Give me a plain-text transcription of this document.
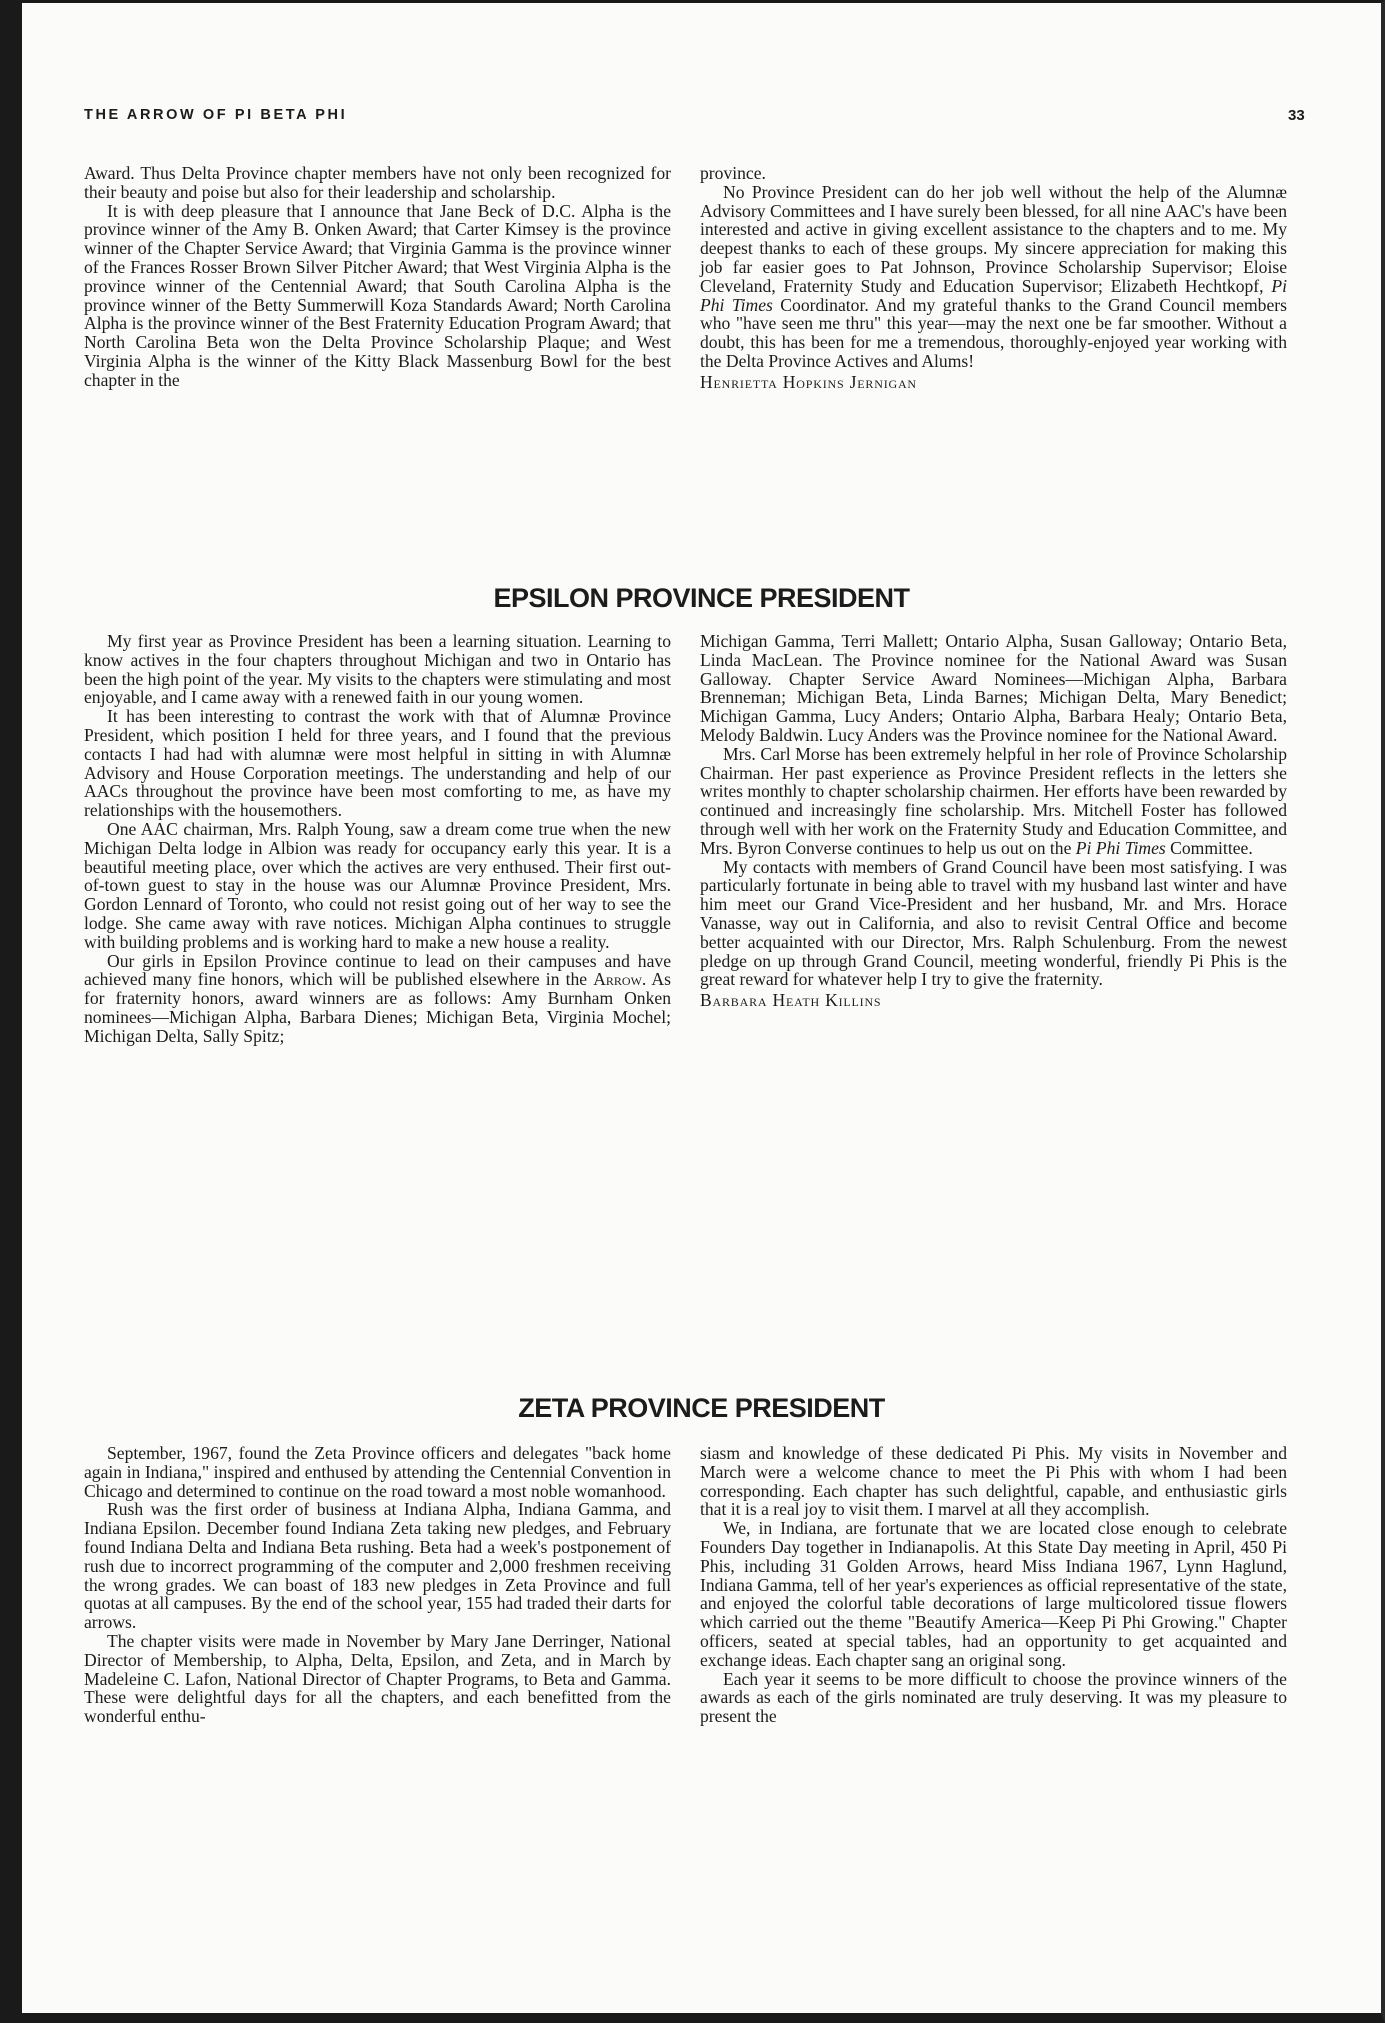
THE ARROW OF PI BETA PHI	33

Award. Thus Delta Province chapter members have not only been recognized for their beauty and poise but also for their leadership and scholarship.

It is with deep pleasure that I announce that Jane Beck of D.C. Alpha is the province winner of the Amy B. Onken Award; that Carter Kimsey is the province winner of the Chapter Service Award; that Virginia Gamma is the province winner of the Frances Rosser Brown Silver Pitcher Award; that West Virginia Alpha is the province winner of the Centennial Award; that South Carolina Alpha is the province winner of the Betty Summerwill Koza Standards Award; North Carolina Alpha is the province winner of the Best Fraternity Education Program Award; that North Carolina Beta won the Delta Province Scholarship Plaque; and West Virginia Alpha is the winner of the Kitty Black Massenburg Bowl for the best chapter in the

province.

No Province President can do her job well without the help of the Alumnæ Advisory Committees and I have surely been blessed, for all nine AAC's have been interested and active in giving excellent assistance to the chapters and to me. My deepest thanks to each of these groups. My sincere appreciation for making this job far easier goes to Pat Johnson, Province Scholarship Supervisor; Eloise Cleveland, Fraternity Study and Education Supervisor; Elizabeth Hechtkopf, Pi Phi Times Coordinator. And my grateful thanks to the Grand Council members who "have seen me thru" this year—may the next one be far smoother. Without a doubt, this has been for me a tremendous, thoroughly-enjoyed year working with the Delta Province Actives and Alums!

Henrietta Hopkins Jernigan

EPSILON PROVINCE PRESIDENT

My first year as Province President has been a learning situation. Learning to know actives in the four chapters throughout Michigan and two in Ontario has been the high point of the year. My visits to the chapters were stimulating and most enjoyable, and I came away with a renewed faith in our young women.

It has been interesting to contrast the work with that of Alumnæ Province President, which position I held for three years, and I found that the previous contacts I had had with alumnæ were most helpful in sitting in with Alumnæ Advisory and House Corporation meetings. The understanding and help of our AACs throughout the province have been most comforting to me, as have my relationships with the housemothers.

One AAC chairman, Mrs. Ralph Young, saw a dream come true when the new Michigan Delta lodge in Albion was ready for occupancy early this year. It is a beautiful meeting place, over which the actives are very enthused. Their first out-of-town guest to stay in the house was our Alumnæ Province President, Mrs. Gordon Lennard of Toronto, who could not resist going out of her way to see the lodge. She came away with rave notices. Michigan Alpha continues to struggle with building problems and is working hard to make a new house a reality.

Our girls in Epsilon Province continue to lead on their campuses and have achieved many fine honors, which will be published elsewhere in the Arrow. As for fraternity honors, award winners are as follows: Amy Burnham Onken nominees—Michigan Alpha, Barbara Dienes; Michigan Beta, Virginia Mochel; Michigan Delta, Sally Spitz;

Michigan Gamma, Terri Mallett; Ontario Alpha, Susan Galloway; Ontario Beta, Linda MacLean. The Province nominee for the National Award was Susan Galloway. Chapter Service Award Nominees—Michigan Alpha, Barbara Brenneman; Michigan Beta, Linda Barnes; Michigan Delta, Mary Benedict; Michigan Gamma, Lucy Anders; Ontario Alpha, Barbara Healy; Ontario Beta, Melody Baldwin. Lucy Anders was the Province nominee for the National Award.

Mrs. Carl Morse has been extremely helpful in her role of Province Scholarship Chairman. Her past experience as Province President reflects in the letters she writes monthly to chapter scholarship chairmen. Her efforts have been rewarded by continued and increasingly fine scholarship. Mrs. Mitchell Foster has followed through well with her work on the Fraternity Study and Education Committee, and Mrs. Byron Converse continues to help us out on the Pi Phi Times Committee.

My contacts with members of Grand Council have been most satisfying. I was particularly fortunate in being able to travel with my husband last winter and have him meet our Grand Vice-President and her husband, Mr. and Mrs. Horace Vanasse, way out in California, and also to revisit Central Office and become better acquainted with our Director, Mrs. Ralph Schulenburg. From the newest pledge on up through Grand Council, meeting wonderful, friendly Pi Phis is the great reward for whatever help I try to give the fraternity.

Barbara Heath Killins

ZETA PROVINCE PRESIDENT

September, 1967, found the Zeta Province officers and delegates "back home again in Indiana," inspired and enthused by attending the Centennial Convention in Chicago and determined to continue on the road toward a most noble womanhood.

Rush was the first order of business at Indiana Alpha, Indiana Gamma, and Indiana Epsilon. December found Indiana Zeta taking new pledges, and February found Indiana Delta and Indiana Beta rushing. Beta had a week's postponement of rush due to incorrect programming of the computer and 2,000 freshmen receiving the wrong grades. We can boast of 183 new pledges in Zeta Province and full quotas at all campuses. By the end of the school year, 155 had traded their darts for arrows.

The chapter visits were made in November by Mary Jane Derringer, National Director of Membership, to Alpha, Delta, Epsilon, and Zeta, and in March by Madeleine C. Lafon, National Director of Chapter Programs, to Beta and Gamma. These were delightful days for all the chapters, and each benefitted from the wonderful enthu-

siasm and knowledge of these dedicated Pi Phis. My visits in November and March were a welcome chance to meet the Pi Phis with whom I had been corresponding. Each chapter has such delightful, capable, and enthusiastic girls that it is a real joy to visit them. I marvel at all they accomplish.

We, in Indiana, are fortunate that we are located close enough to celebrate Founders Day together in Indianapolis. At this State Day meeting in April, 450 Pi Phis, including 31 Golden Arrows, heard Miss Indiana 1967, Lynn Haglund, Indiana Gamma, tell of her year's experiences as official representative of the state, and enjoyed the colorful table decorations of large multicolored tissue flowers which carried out the theme "Beautify America—Keep Pi Phi Growing." Chapter officers, seated at special tables, had an opportunity to get acquainted and exchange ideas. Each chapter sang an original song.

Each year it seems to be more difficult to choose the province winners of the awards as each of the girls nominated are truly deserving. It was my pleasure to present the
